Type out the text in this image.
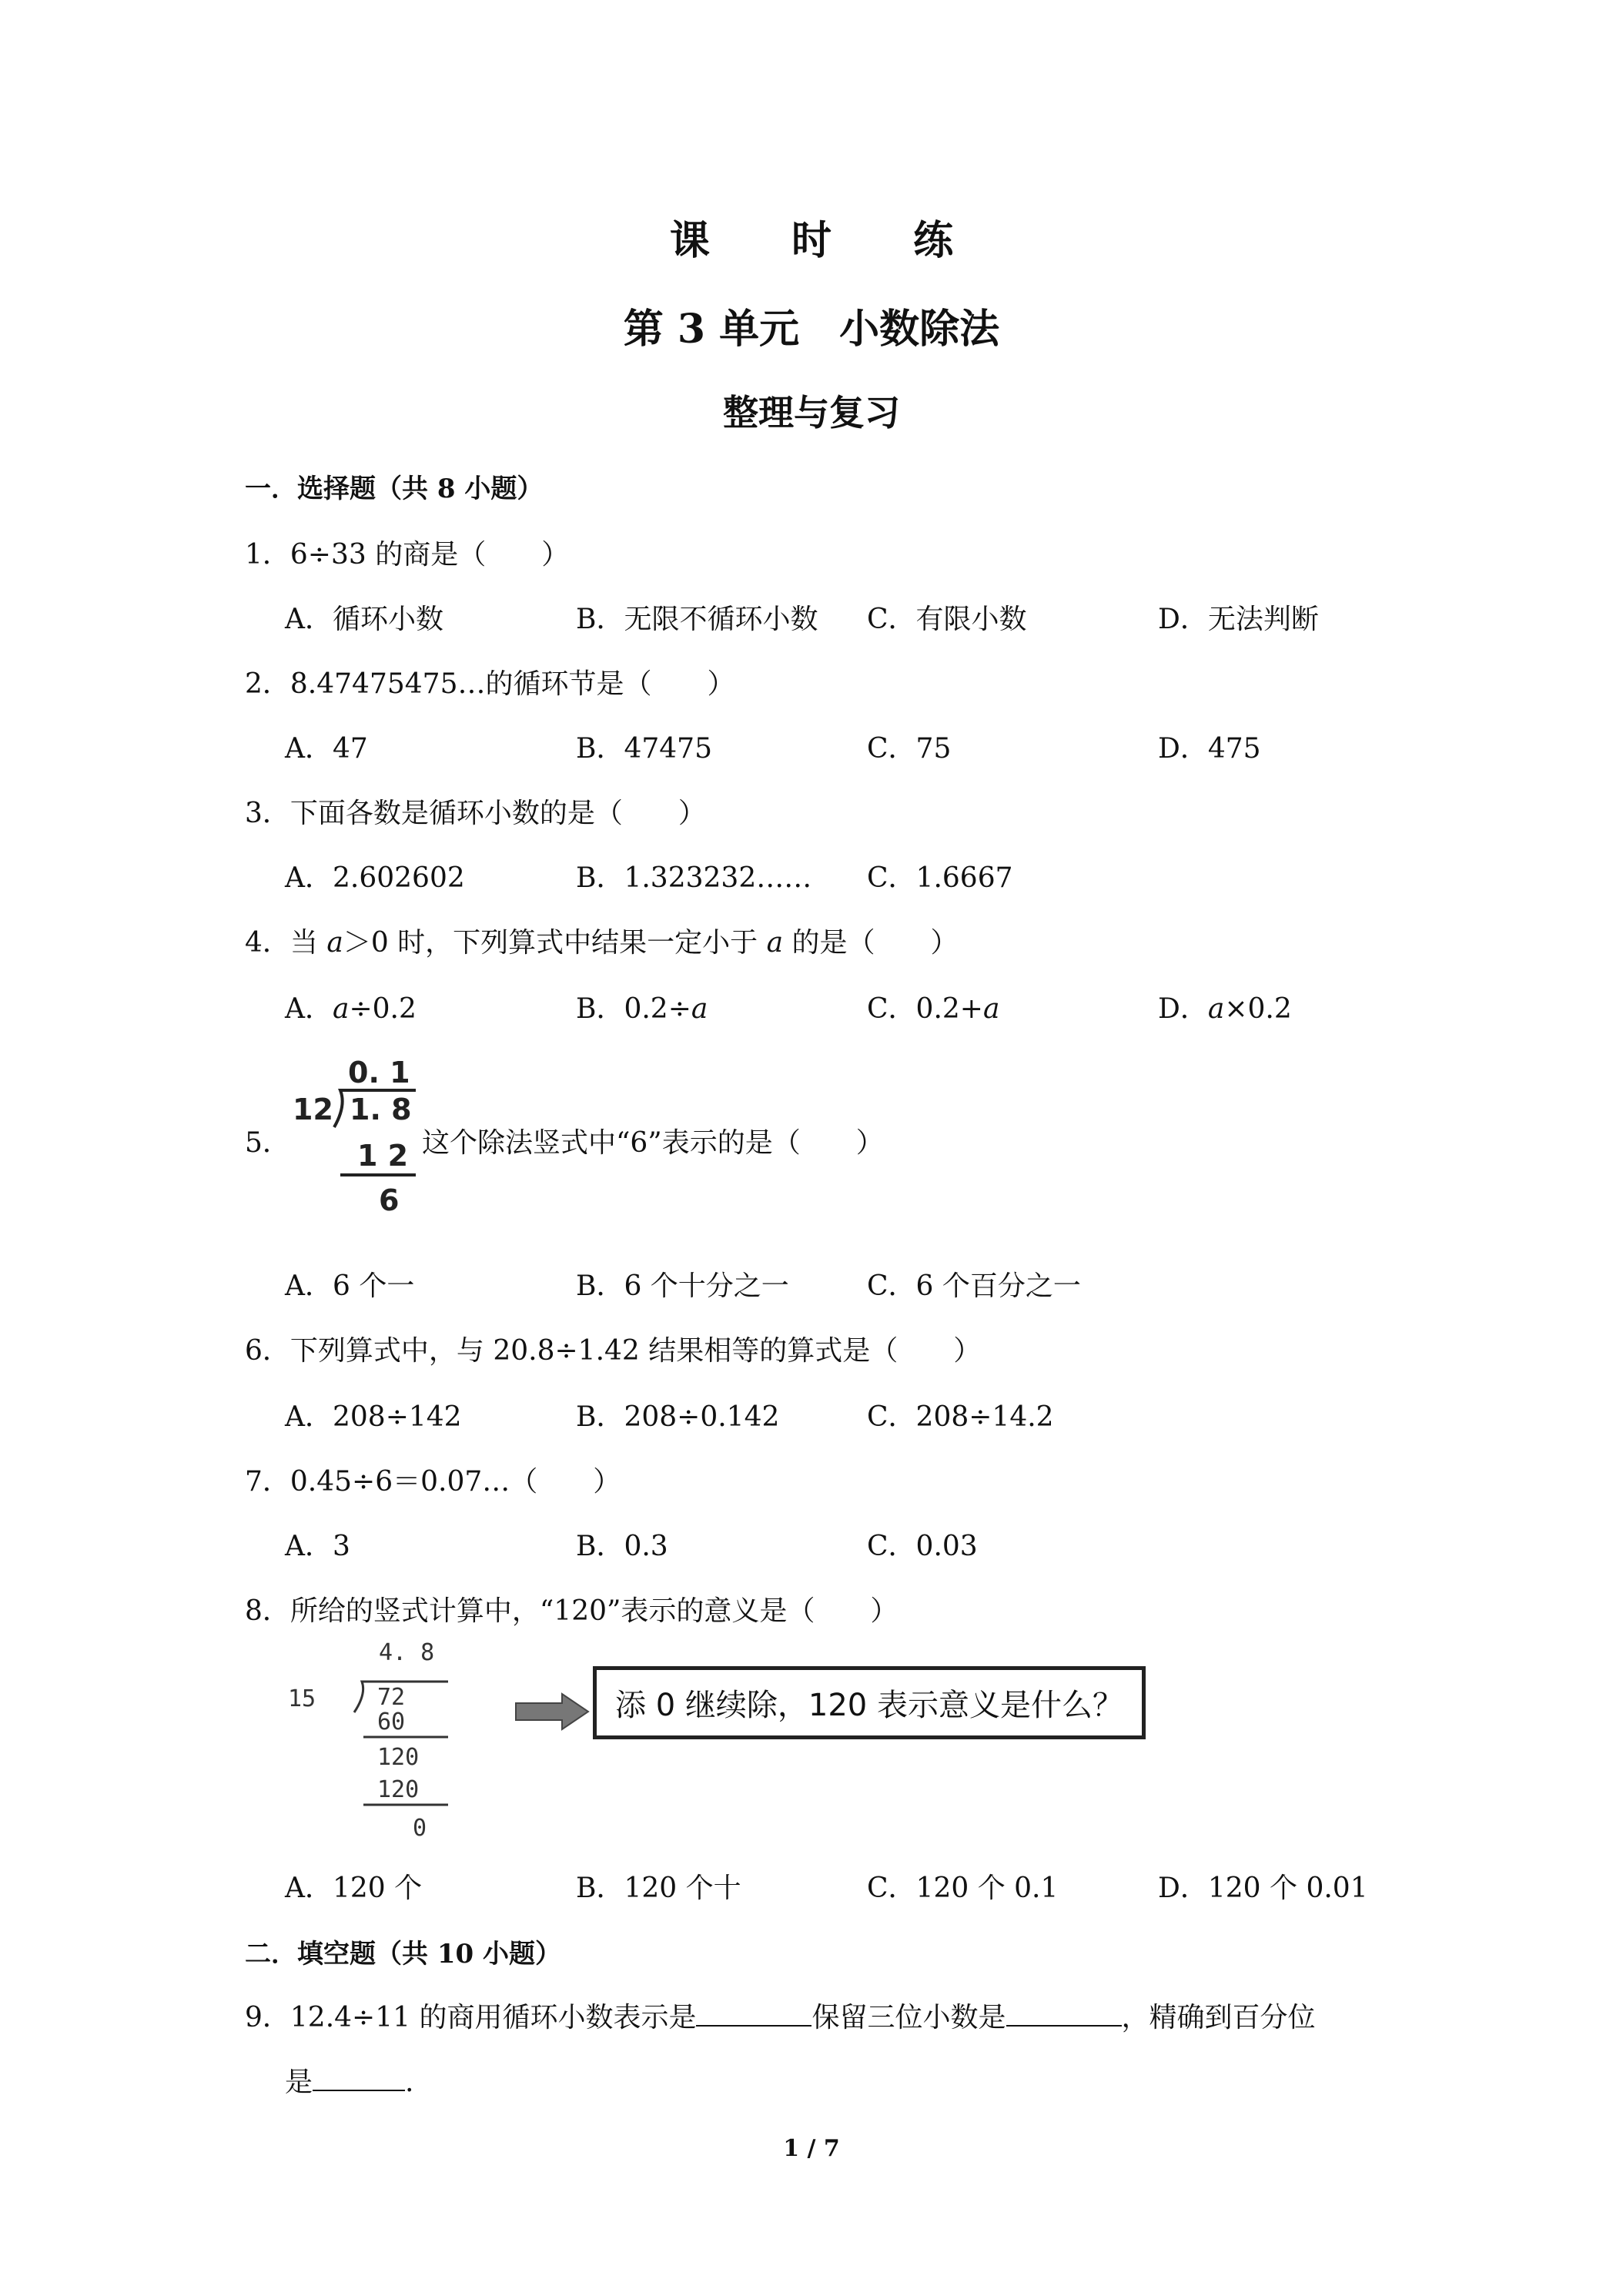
课 时 练
第 3 单元　小数除法
整理与复习
一．选择题（共 8 小题）
1．6÷33 的商是（　　）
A．循环小数	B．无限不循环小数 C．有限小数	D．无法判断
2．8.47475475…的循环节是（　　）
A．47	B．47475	C．75	D．475
3．下面各数是循环小数的是（　　）
A．2.602602	B．1.323232…… C．1.6667
4．当 a＞0 时，下列算式中结果一定小于 a 的是（　　）
A．a÷0.2	B．0.2÷a	C．0.2+a	D．a×0.2
5．
0. 1
12 1. 8
1 2
6
这个除法竖式中“6”表示的是（　　）
A．6 个一	B．6 个十分之一	C．6 个百分之一
6．下列算式中，与 20.8÷1.42 结果相等的算式是（　　）
A．208÷142	B．208÷0.142	C．208÷14.2
7．0.45÷6＝0.07…（　　）
A．3	B．0.3	C．0.03
8．所给的竖式计算中，“120”表示的意义是（　　）
4. 8
15	72
60
120
120
0
添 0 继续除，120 表示意义是什么？
A．120 个	B．120 个十	C．120 个 0.1	D．120 个 0.01
二．填空题（共 10 小题）
9．12.4÷11 的商用循环小数表示是	保留三位小数是	，精确到百分位
是	.
1 / 7
